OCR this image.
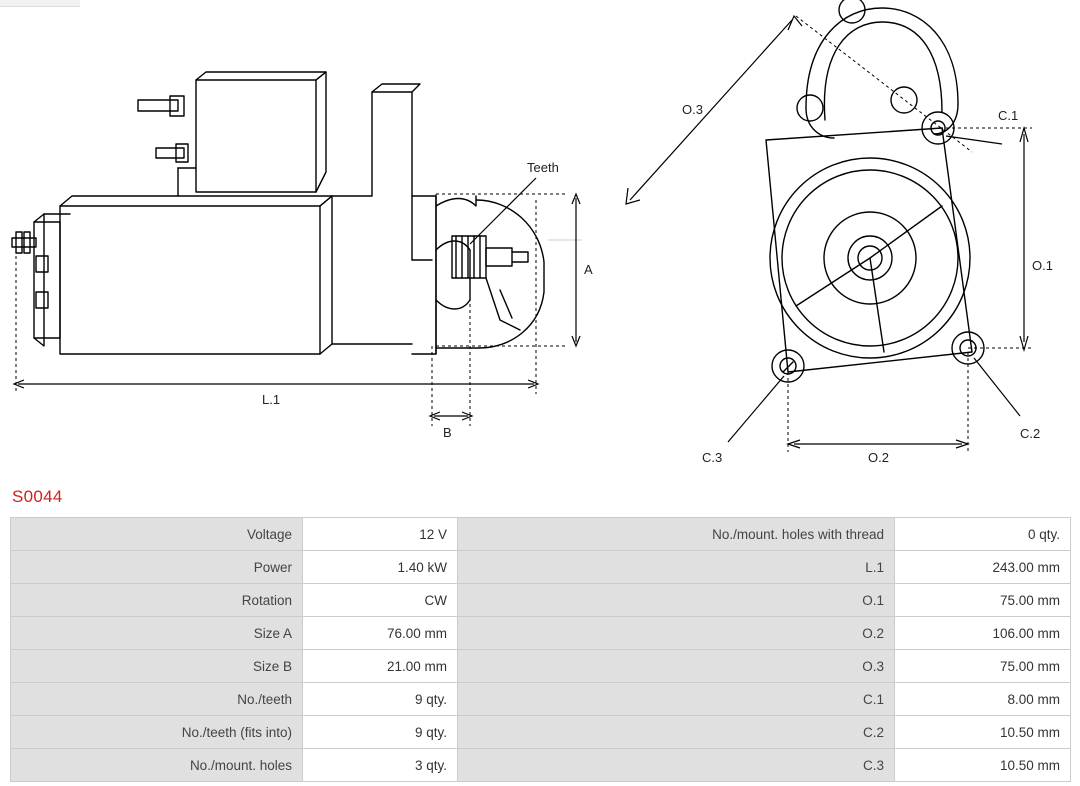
Teeth
A
L.1
B
O.3
O.1
O.2
C.1
C.2
C.3
S0044
Voltage	12 V	No./mount. holes with thread	0 qty.
Power	1.40 kW	L.1	243.00 mm
Rotation	CW	O.1	75.00 mm
Size A	76.00 mm	O.2	106.00 mm
Size B	21.00 mm	O.3	75.00 mm
No./teeth	9 qty.	C.1	8.00 mm
No./teeth (fits into)	9 qty.	C.2	10.50 mm
No./mount. holes	3 qty.	C.3	10.50 mm
